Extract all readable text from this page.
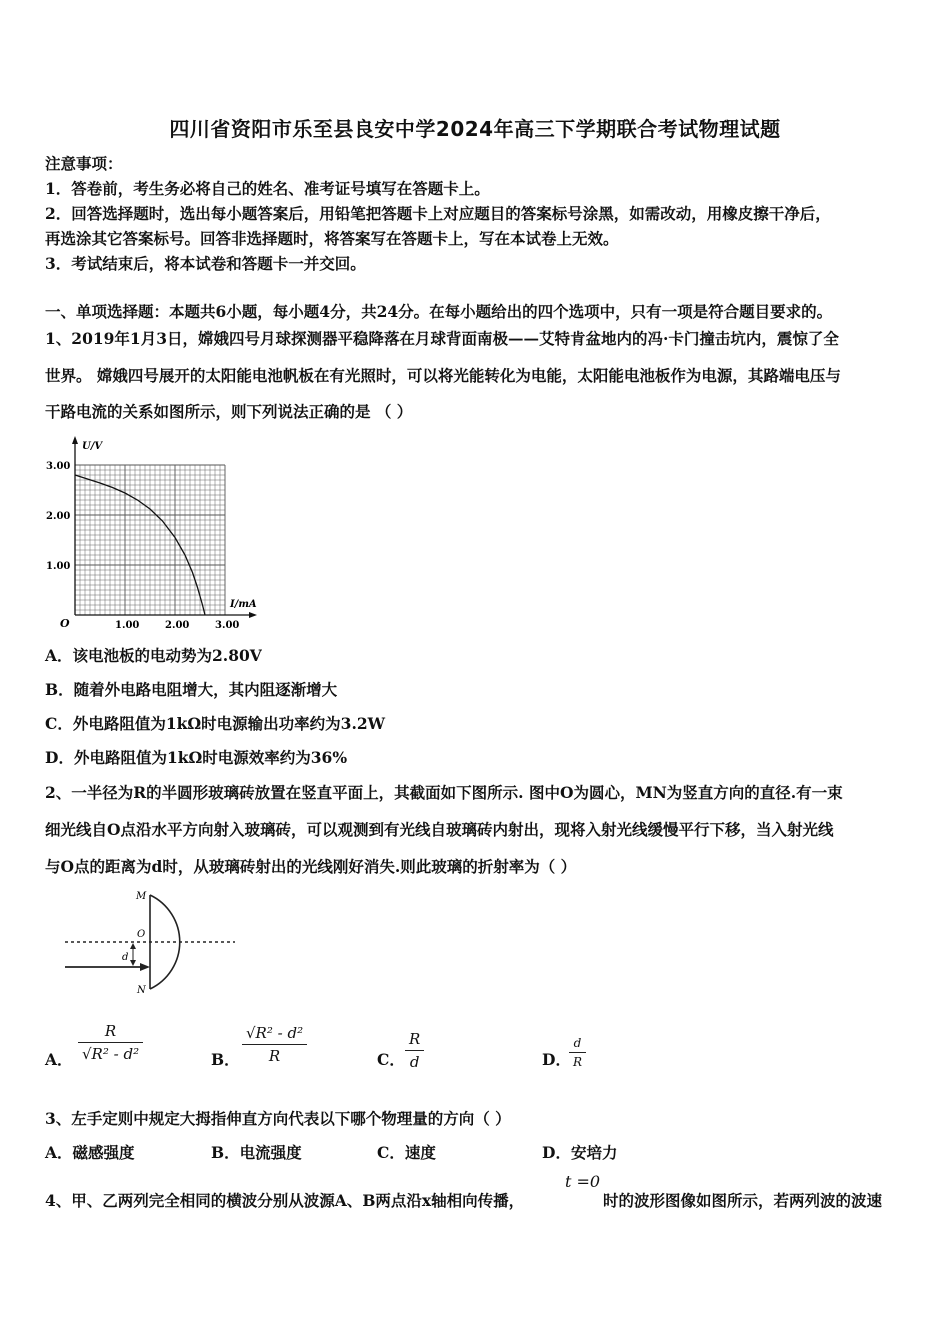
四川省资阳市乐至县良安中学2024年高三下学期联合考试物理试题
注意事项：
1．答卷前，考生务必将自己的姓名、准考证号填写在答题卡上。
2．回答选择题时，选出每小题答案后，用铅笔把答题卡上对应题目的答案标号涂黑，如需改动，用橡皮擦干净后，
再选涂其它答案标号。回答非选择题时，将答案写在答题卡上，写在本试卷上无效。
3．考试结束后，将本试卷和答题卡一并交回。
一、单项选择题：本题共6小题，每小题4分，共24分。在每小题给出的四个选项中，只有一项是符合题目要求的。
1、2019年1月3日，嫦娥四号月球探测器平稳降落在月球背面南极——艾特肯盆地内的冯·卡门撞击坑内，震惊了全
世界。 嫦娥四号展开的太阳能电池帆板在有光照时，可以将光能转化为电能，太阳能电池板作为电源，其路端电压与
干路电流的关系如图所示，则下列说法正确的是 （ ）
1.00	2.00	3.00
1.00
2.00
3.00
U/V
I/mA
O
A．该电池板的电动势为2.80V
B．随着外电路电阻增大，其内阻逐渐增大
C．外电路阻值为1kΩ时电源输出功率约为3.2W
D．外电路阻值为1kΩ时电源效率约为36%
2、一半径为R的半圆形玻璃砖放置在竖直平面上，其截面如下图所示. 图中O为圆心，MN为竖直方向的直径.有一束
细光线自O点沿水平方向射入玻璃砖，可以观测到有光线自玻璃砖内射出，现将入射光线缓慢平行下移，当入射光线
与O点的距离为d时，从玻璃砖射出的光线刚好消失.则此玻璃的折射率为（ ）
M
O
d
N
A． $\frac{R}{\text{√R² - d²}}$	B． $\frac{\text{√R² - d²}}{R}$	C． $\frac{R}{d}$	D．
$\frac{d}{R}$
3、左手定则中规定大拇指伸直方向代表以下哪个物理量的方向（ ）
A．磁感强度	B．电流强度	C．速度	D．安培力
4、甲、乙两列完全相同的横波分别从波源A、B两点沿x轴相向传播，
t =0
时的波形图像如图所示，若两列波的波速
